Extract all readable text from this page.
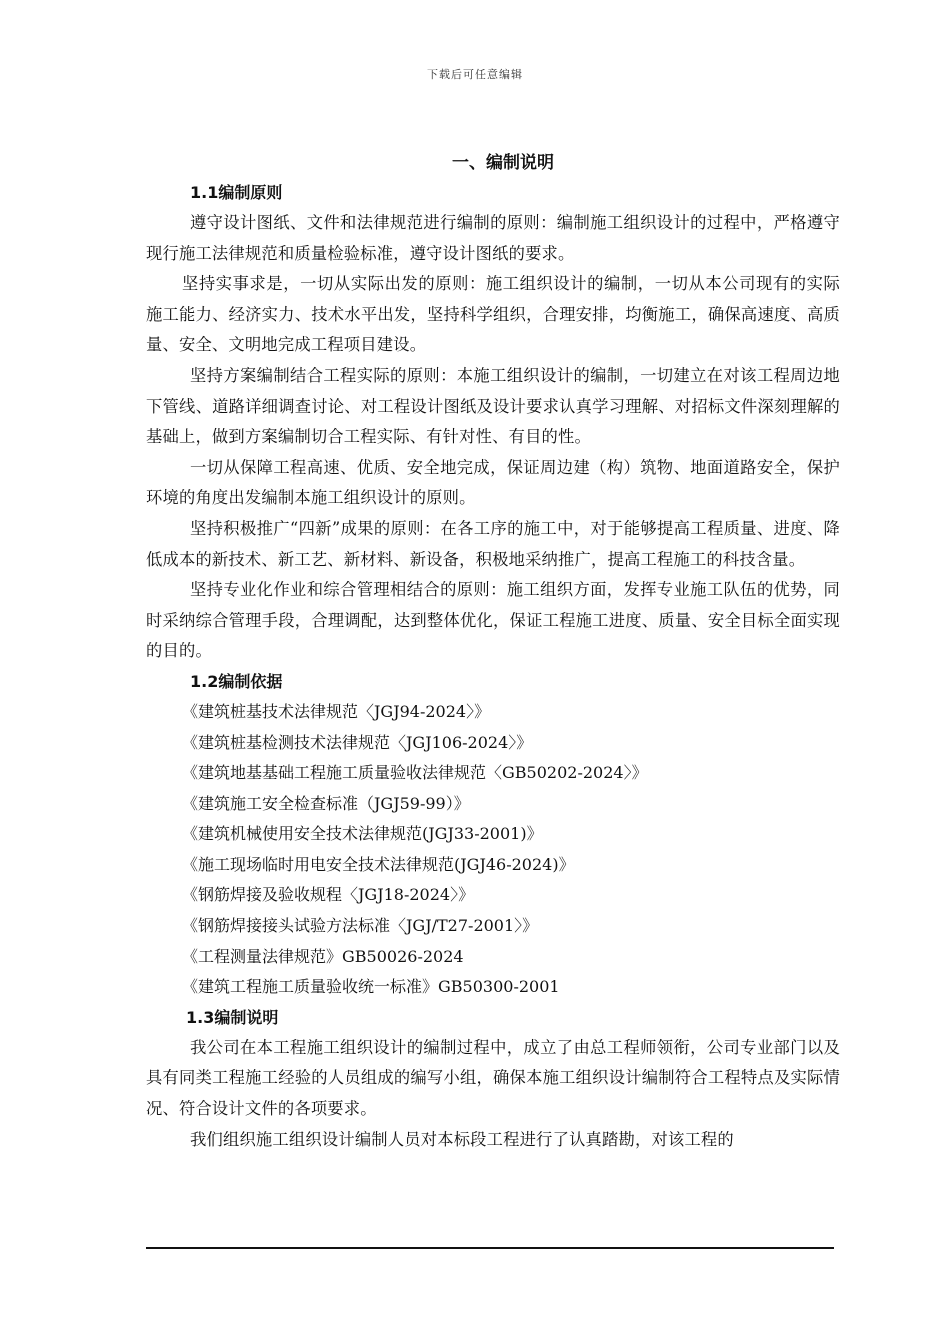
下载后可任意编辑
一、编制说明
1.1编制原则

遵守设计图纸、文件和法律规范进行编制的原则：编制施工组织设计的过程中，严格遵守现行施工法律规范和质量检验标准，遵守设计图纸的要求。

坚持实事求是，一切从实际出发的原则：施工组织设计的编制，一切从本公司现有的实际施工能力、经济实力、技术水平出发，坚持科学组织，合理安排，均衡施工，确保高速度、高质量、安全、文明地完成工程项目建设。

坚持方案编制结合工程实际的原则：本施工组织设计的编制，一切建立在对该工程周边地下管线、道路详细调查讨论、对工程设计图纸及设计要求认真学习理解、对招标文件深刻理解的基础上，做到方案编制切合工程实际、有针对性、有目的性。

一切从保障工程高速、优质、安全地完成，保证周边建（构）筑物、地面道路安全，保护环境的角度出发编制本施工组织设计的原则。

坚持积极推广“四新”成果的原则：在各工序的施工中，对于能够提高工程质量、进度、降低成本的新技术、新工艺、新材料、新设备，积极地采纳推广，提高工程施工的科技含量。

坚持专业化作业和综合管理相结合的原则：施工组织方面，发挥专业施工队伍的优势，同时采纳综合管理手段，合理调配，达到整体优化，保证工程施工进度、质量、安全目标全面实现的目的。

1.2编制依据
《建筑桩基技术法律规范〈JGJ94-2024〉》
《建筑桩基检测技术法律规范〈JGJ106-2024〉》
《建筑地基基础工程施工质量验收法律规范〈GB50202-2024〉》
《建筑施工安全检查标准（JGJ59-99）》
《建筑机械使用安全技术法律规范(JGJ33-2001)》
《施工现场临时用电安全技术法律规范(JGJ46-2024)》
《钢筋焊接及验收规程〈JGJ18-2024〉》
《钢筋焊接接头试验方法标准〈JGJ/T27-2001〉》
《工程测量法律规范》GB50026-2024
《建筑工程施工质量验收统一标准》GB50300-2001
1.3编制说明

我公司在本工程施工组织设计的编制过程中，成立了由总工程师领衔，公司专业部门以及具有同类工程施工经验的人员组成的编写小组，确保本施工组织设计编制符合工程特点及实际情况、符合设计文件的各项要求。

我们组织施工组织设计编制人员对本标段工程进行了认真踏勘，对该工程的
